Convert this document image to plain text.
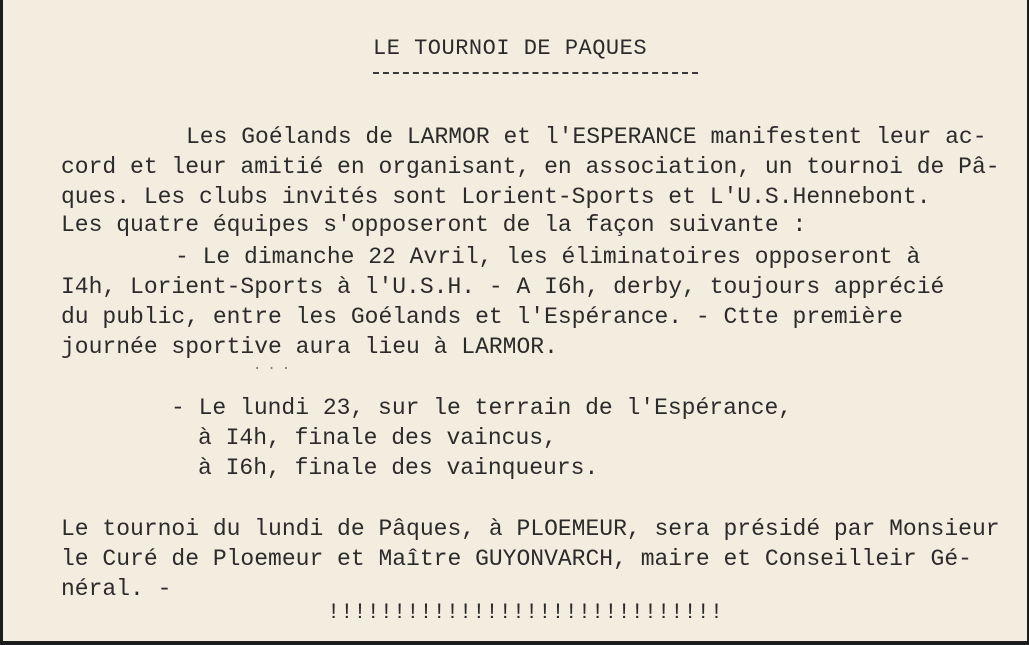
LE TOURNOI DE PAQUES
Les Goélands de LARMOR et l'ESPERANCE manifestent leur ac-
cord et leur amitié en organisant, en association, un tournoi de Pâ-
ques. Les clubs invités sont Lorient-Sports et L'U.S.Hennebont.
Les quatre équipes s'opposeront de la façon suivante :
- Le dimanche 22 Avril, les éliminatoires opposeront à
I4h, Lorient-Sports à l'U.S.H. - A I6h, derby, toujours apprécié
du public, entre les Goélands et l'Espérance. - Ctte première
journée sportive aura lieu à LARMOR.
...
- Le lundi 23, sur le terrain de l'Espérance,
à I4h, finale des vaincus,
à I6h, finale des vainqueurs.
Le tournoi du lundi de Pâques, à PLOEMEUR, sera présidé par Monsieur
le Curé de Ploemeur et Maître GUYONVARCH, maire et Conseilleir Gé-
néral. -
!!!!!!!!!!!!!!!!!!!!!!!!!!!!!!
